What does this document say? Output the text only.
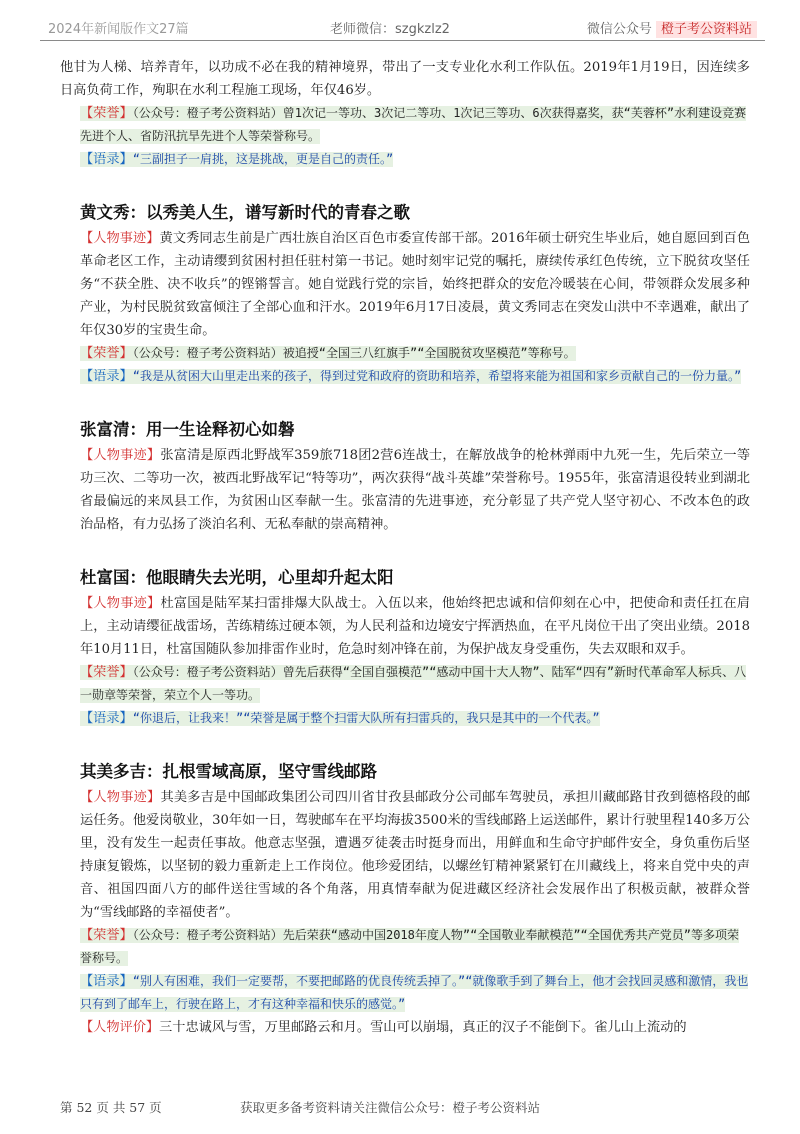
2024年新闻版作文27篇	老师微信：szgkzlz2	微信公众号 橙子考公资料站

他甘为人梯、培养青年，以功成不必在我的精神境界，带出了一支专业化水利工作队伍。2019年1月19日，因连续多日高负荷工作，殉职在水利工程施工现场，年仅46岁。

【荣誉】（公众号：橙子考公资料站）曾1次记一等功、3次记二等功、1次记三等功、6次获得嘉奖，获“芙蓉杯”水利建设竞赛先进个人、省防汛抗旱先进个人等荣誉称号。

【语录】“三副担子一肩挑，这是挑战，更是自己的责任。”

黄文秀：以秀美人生，谱写新时代的青春之歌

【人物事迹】黄文秀同志生前是广西壮族自治区百色市委宣传部干部。2016年硕士研究生毕业后，她自愿回到百色革命老区工作，主动请缨到贫困村担任驻村第一书记。她时刻牢记党的嘱托，赓续传承红色传统，立下脱贫攻坚任务“不获全胜、决不收兵”的铿锵誓言。她自觉践行党的宗旨，始终把群众的安危冷暖装在心间，带领群众发展多种产业，为村民脱贫致富倾注了全部心血和汗水。2019年6月17日凌晨，黄文秀同志在突发山洪中不幸遇难，献出了年仅30岁的宝贵生命。

【荣誉】（公众号：橙子考公资料站）被追授“全国三八红旗手”“全国脱贫攻坚模范”等称号。

【语录】“我是从贫困大山里走出来的孩子，得到过党和政府的资助和培养，希望将来能为祖国和家乡贡献自己的一份力量。”

张富清：用一生诠释初心如磐

【人物事迹】张富清是原西北野战军359旅718团2营6连战士，在解放战争的枪林弹雨中九死一生，先后荣立一等功三次、二等功一次，被西北野战军记“特等功”，两次获得“战斗英雄”荣誉称号。1955年，张富清退役转业到湖北省最偏远的来凤县工作，为贫困山区奉献一生。张富清的先进事迹，充分彰显了共产党人坚守初心、不改本色的政治品格，有力弘扬了淡泊名利、无私奉献的崇高精神。

杜富国：他眼睛失去光明，心里却升起太阳

【人物事迹】杜富国是陆军某扫雷排爆大队战士。入伍以来，他始终把忠诚和信仰刻在心中，把使命和责任扛在肩上，主动请缨征战雷场，苦练精练过硬本领，为人民利益和边境安宁挥洒热血，在平凡岗位干出了突出业绩。2018年10月11日，杜富国随队参加排雷作业时，危急时刻冲锋在前，为保护战友身受重伤，失去双眼和双手。

【荣誉】（公众号：橙子考公资料站）曾先后获得“全国自强模范”“感动中国十大人物”、陆军“四有”新时代革命军人标兵、八一勋章等荣誉，荣立个人一等功。

【语录】“你退后，让我来！”“荣誉是属于整个扫雷大队所有扫雷兵的，我只是其中的一个代表。”

其美多吉：扎根雪域高原，坚守雪线邮路

【人物事迹】其美多吉是中国邮政集团公司四川省甘孜县邮政分公司邮车驾驶员，承担川藏邮路甘孜到德格段的邮运任务。他爱岗敬业，30年如一日，驾驶邮车在平均海拔3500米的雪线邮路上运送邮件，累计行驶里程140多万公里，没有发生一起责任事故。他意志坚强，遭遇歹徒袭击时挺身而出，用鲜血和生命守护邮件安全，身负重伤后坚持康复锻炼，以坚韧的毅力重新走上工作岗位。他珍爱团结，以螺丝钉精神紧紧钉在川藏线上，将来自党中央的声音、祖国四面八方的邮件送往雪域的各个角落，用真情奉献为促进藏区经济社会发展作出了积极贡献，被群众誉为“雪线邮路的幸福使者”。

【荣誉】（公众号：橙子考公资料站）先后荣获“感动中国2018年度人物”“全国敬业奉献模范”“全国优秀共产党员”等多项荣誉称号。

【语录】“别人有困难，我们一定要帮，不要把邮路的优良传统丢掉了。”“就像歌手到了舞台上，他才会找回灵感和激情，我也只有到了邮车上，行驶在路上，才有这种幸福和快乐的感觉。”

【人物评价】三十忠诚风与雪，万里邮路云和月。雪山可以崩塌，真正的汉子不能倒下。雀儿山上流动的

第 52 页 共 57 页	获取更多备考资料请关注微信公众号：橙子考公资料站
